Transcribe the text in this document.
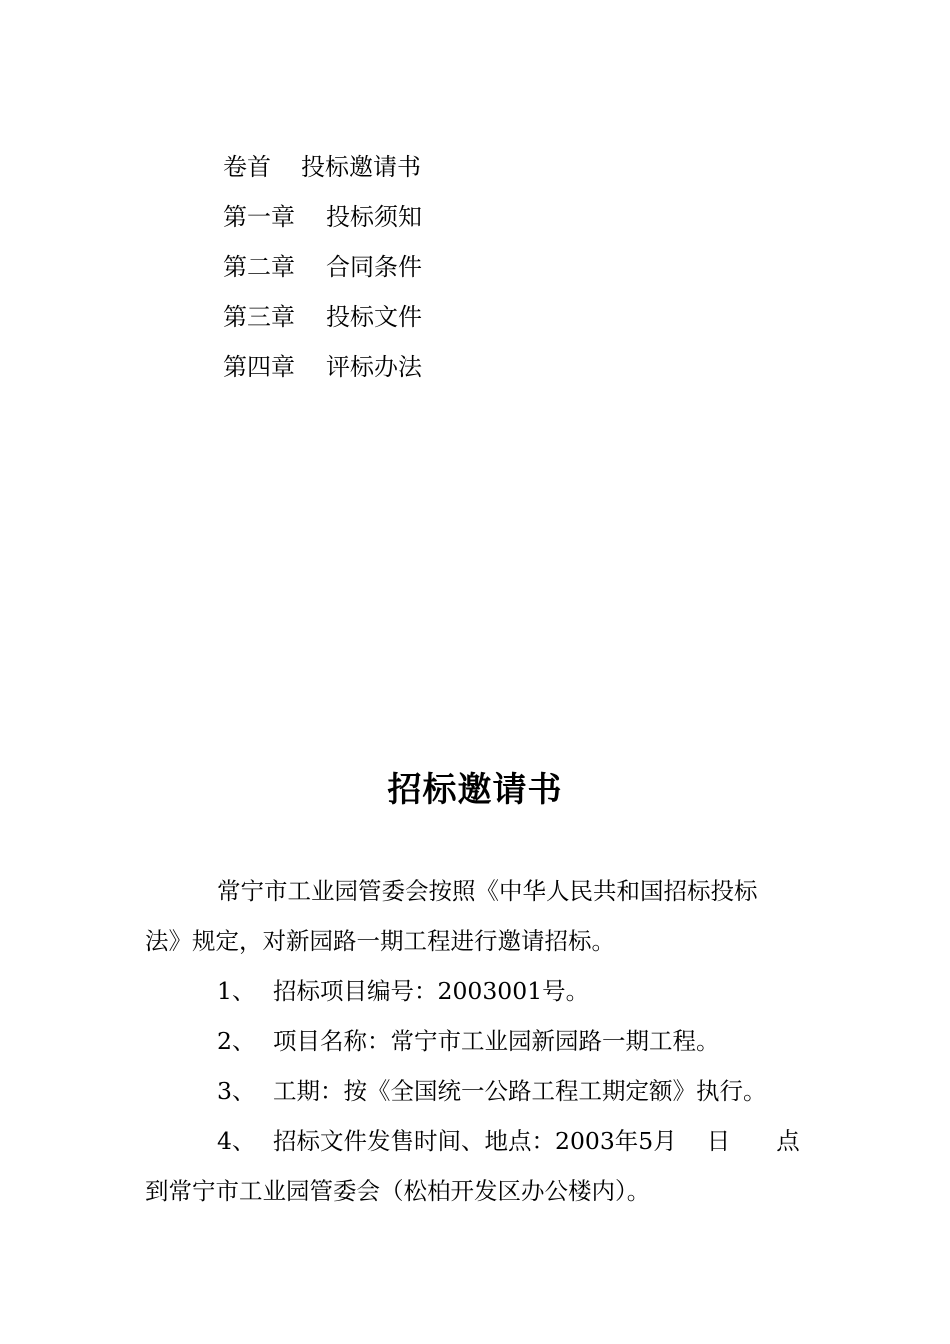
卷首 投标邀请书
第一章 投标须知
第二章 合同条件
第三章 投标文件
第四章 评标办法
招标邀请书

常宁市工业园管委会按照《中华人民共和国招标投标

法》规定，对新园路一期工程进行邀请招标。

1、 招标项目编号：2003001号。

2、 项目名称：常宁市工业园新园路一期工程。

3、 工期：按《全国统一公路工程工期定额》执行。

4、 招标文件发售时间、地点：2003年5月 日 点

到常宁市工业园管委会（松柏开发区办公楼内）。
